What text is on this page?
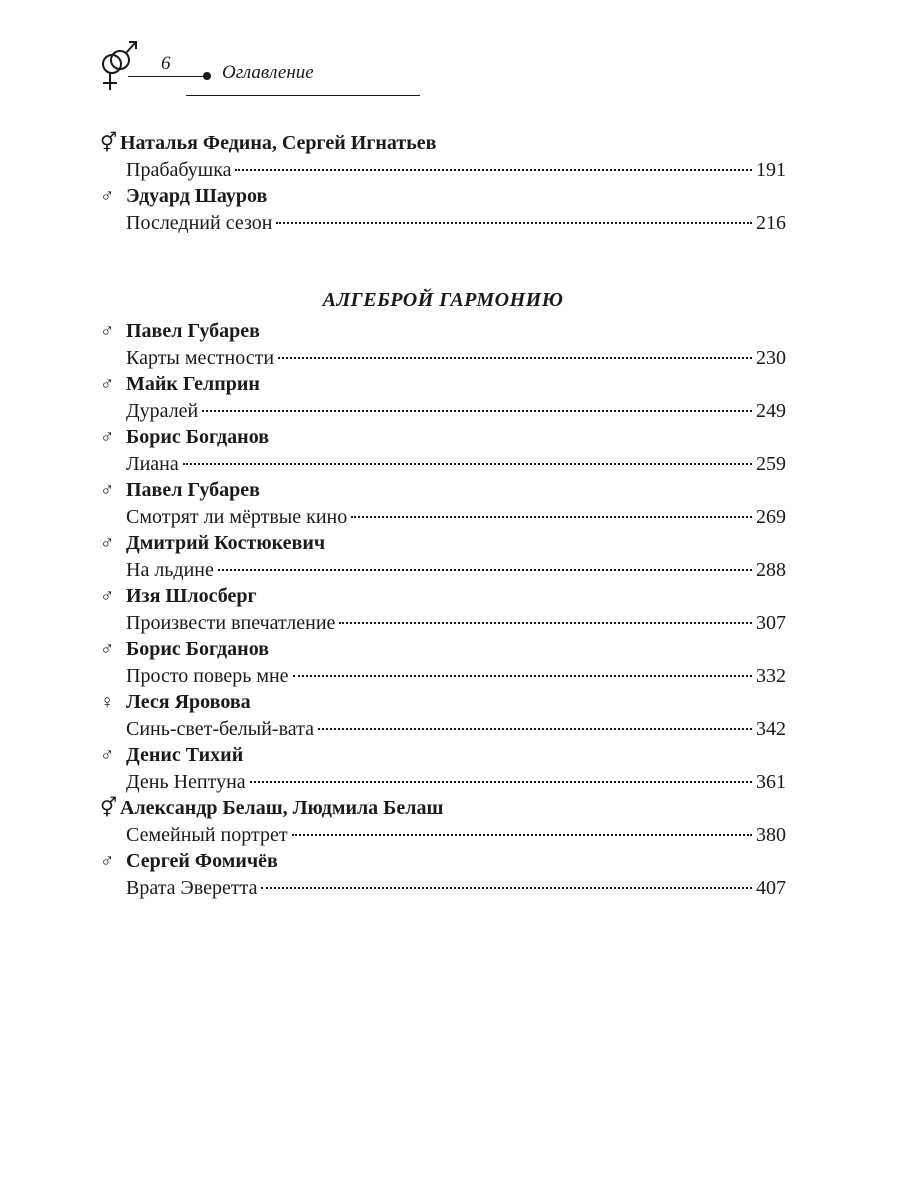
6	Оглавление
⚥ Наталья Федина, Сергей Игнатьев
Прабабушка	191
♂ Эдуард Шауров
Последний сезон	216
АЛГЕБРОЙ ГАРМОНИЮ
♂ Павел Губарев
Карты местности	230
♂ Майк Гелприн
Дуралей	249
♂ Борис Богданов
Лиана	259
♂ Павел Губарев
Смотрят ли мёртвые кино	269
♂ Дмитрий Костюкевич
На льдине	288
♂ Изя Шлосберг
Произвести впечатление	307
♂ Борис Богданов
Просто поверь мне	332
♀ Леся Яровова
Синь-свет-белый-вата	342
♂ Денис Тихий
День Нептуна	361
⚥ Александр Белаш, Людмила Белаш
Семейный портрет	380
♂ Сергей Фомичёв
Врата Эверетта	407
